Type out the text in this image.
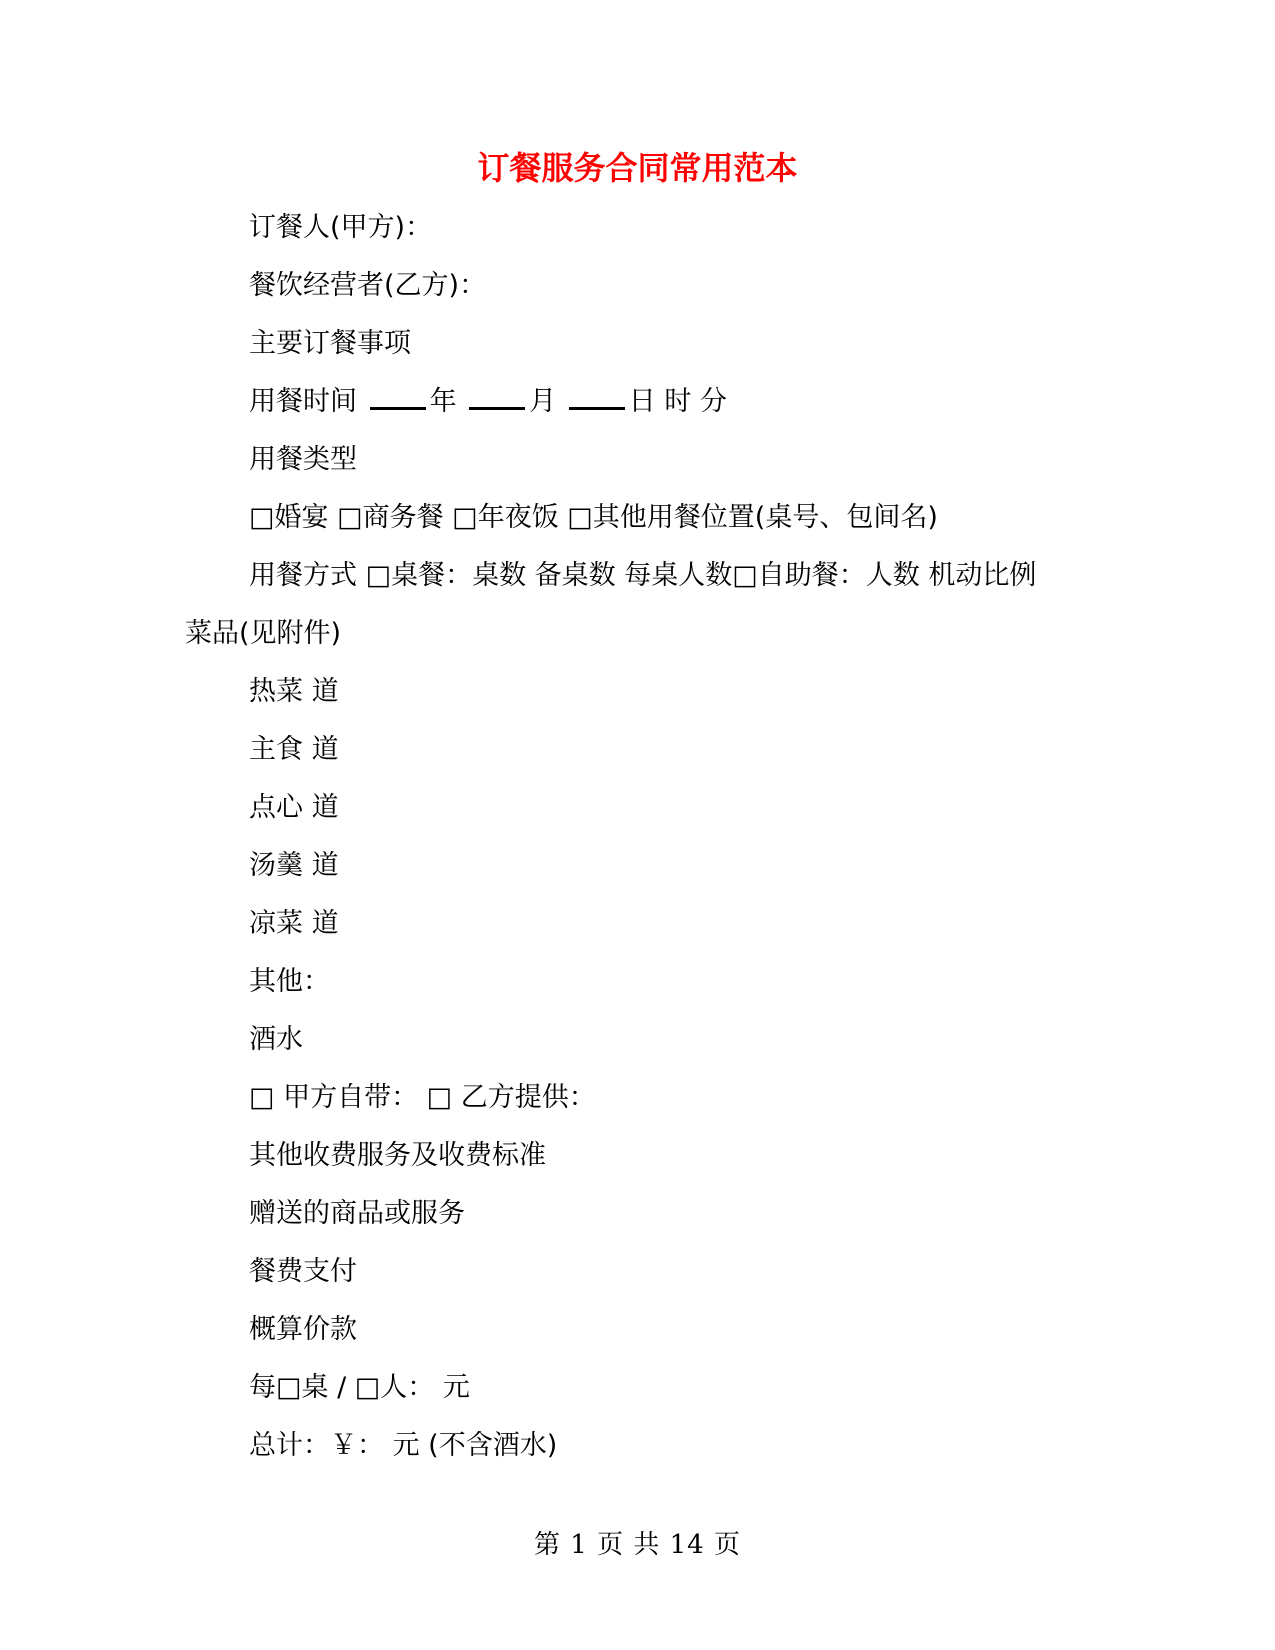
订餐服务合同常用范本
订餐人(甲方)：
餐饮经营者(乙方)：
主要订餐事项
用餐时间 年 月 日 时 分
用餐类型
□婚宴 □商务餐 □年夜饭 □其他用餐位置(桌号、包间名)
用餐方式 □桌餐：桌数 备桌数 每桌人数□自助餐：人数 机动比例
菜品(见附件)
热菜 道
主食 道
点心 道
汤羹 道
凉菜 道
其他：
酒水
□ 甲方自带： □ 乙方提供：
其他收费服务及收费标准
赠送的商品或服务
餐费支付
概算价款
每□桌 / □人： 元
总计：￥： 元 (不含酒水)
第 1 页 共 14 页
